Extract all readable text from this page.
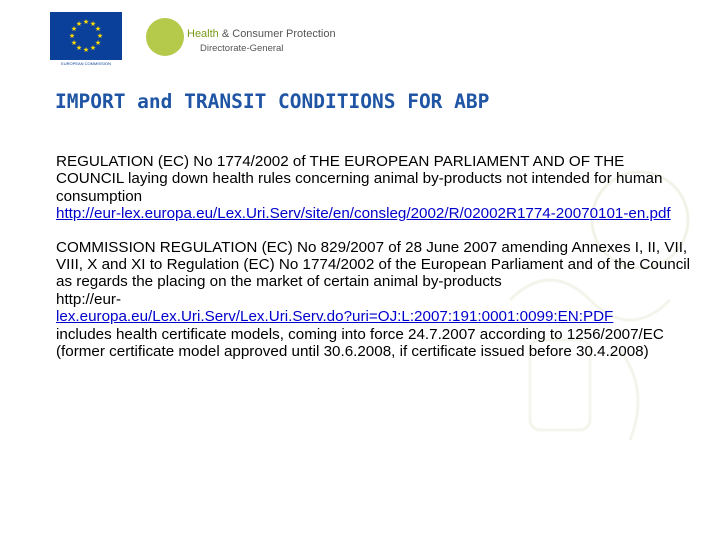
★ ★
★
★
★
★
★
★
★
★
★
★
EUROPEAN COMMISSION
Health & Consumer Protection
Directorate-General
IMPORT and TRANSIT CONDITIONS FOR ABP

REGULATION (EC) No 1774/2002 of THE EUROPEAN PARLIAMENT AND OF THE COUNCIL laying down health rules concerning animal by-products not intended for human consumption

http://eur-lex.europa.eu/Lex.Uri.Serv/site/en/consleg/2002/R/02002R1774-20070101-en.pdf

COMMISSION REGULATION (EC) No 829/2007 of 28 June 2007 amending Annexes I, II, VII, VIII, X and XI to Regulation (EC) No 1774/2002 of the European Parliament and of the Council as regards the placing on the market of certain animal by-products

http://eur-

lex.europa.eu/Lex.Uri.Serv/Lex.Uri.Serv.do?uri=OJ:L:2007:191:0001:0099:EN:PDF

includes health certificate models, coming into force 24.7.2007 according to 1256/2007/EC (former certificate model approved until 30.6.2008, if certificate issued before 30.4.2008)
